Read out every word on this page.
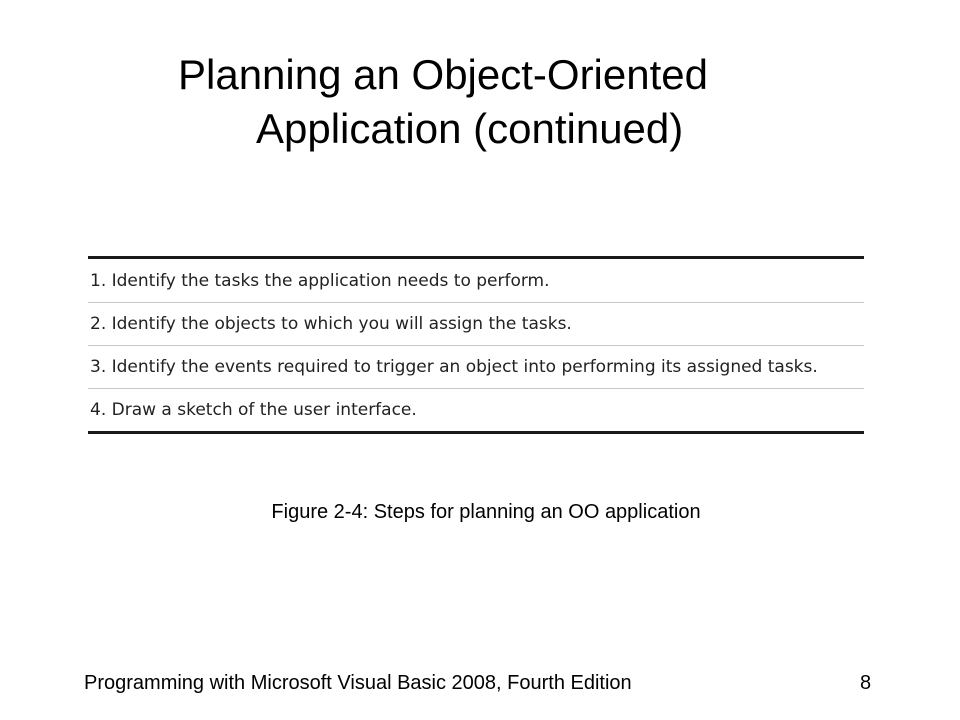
Planning an Object-Oriented
Application (continued)
1. Identify the tasks the application needs to perform.
2. Identify the objects to which you will assign the tasks.
3. Identify the events required to trigger an object into performing its assigned tasks.
4. Draw a sketch of the user interface.
Figure 2-4: Steps for planning an OO application
Programming with Microsoft Visual Basic 2008, Fourth Edition	8
